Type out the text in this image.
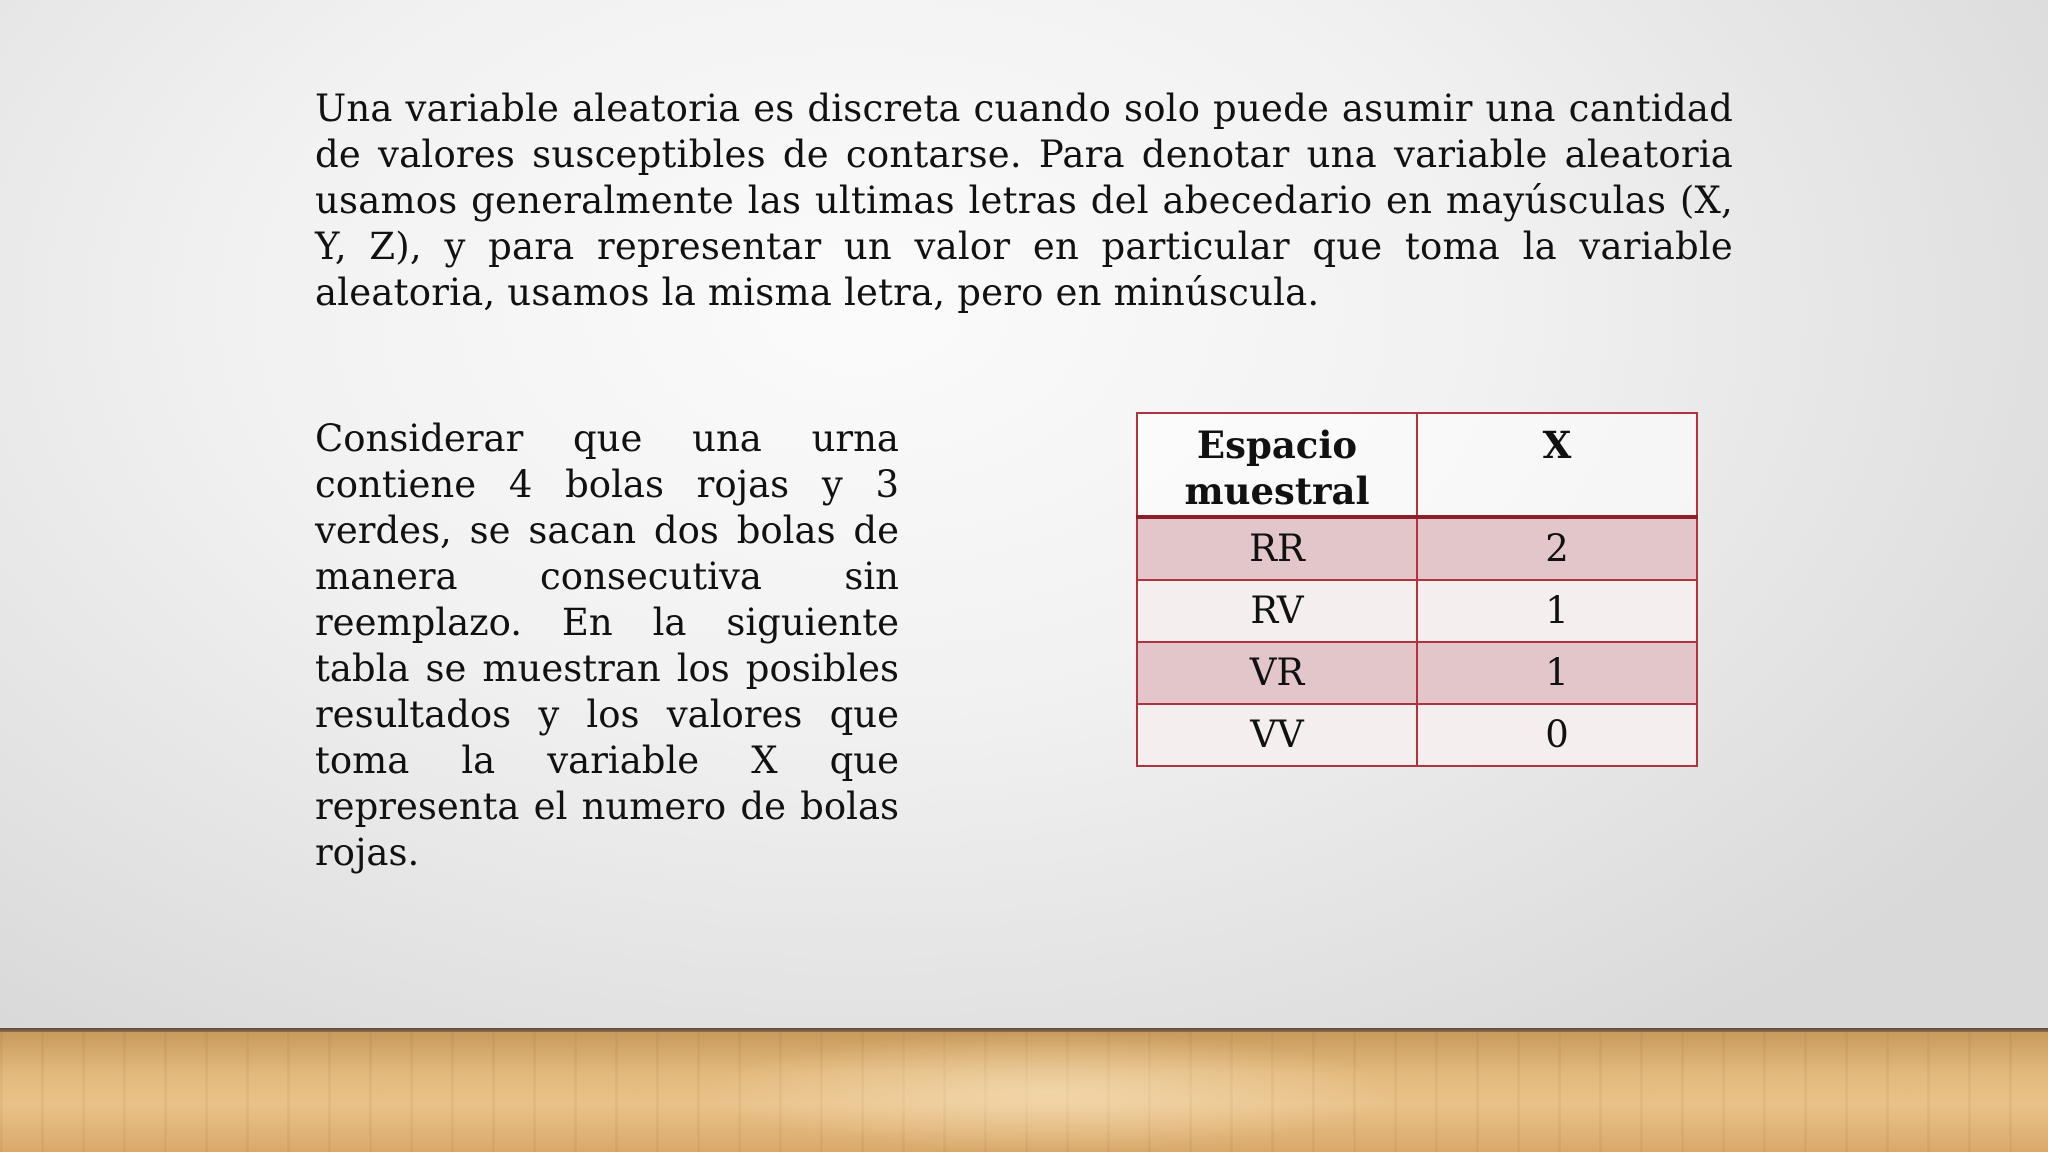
Una variable aleatoria es discreta cuando solo puede asumir una cantidad de valores susceptibles de contarse. Para denotar una variable aleatoria usamos generalmente las ultimas letras del abecedario en mayúsculas (X, Y, Z), y para representar un valor en particular que toma la variable aleatoria, usamos la misma letra, pero en minúscula.

Considerar que una urna contiene 4 bolas rojas y 3 verdes, se sacan dos bolas de manera consecutiva sin reemplazo. En la siguiente tabla se muestran los posibles resultados y los valores que toma la variable X que representa el numero de bolas rojas.

Espacio muestral	X
RR	2
RV	1
VR	1
VV	0
